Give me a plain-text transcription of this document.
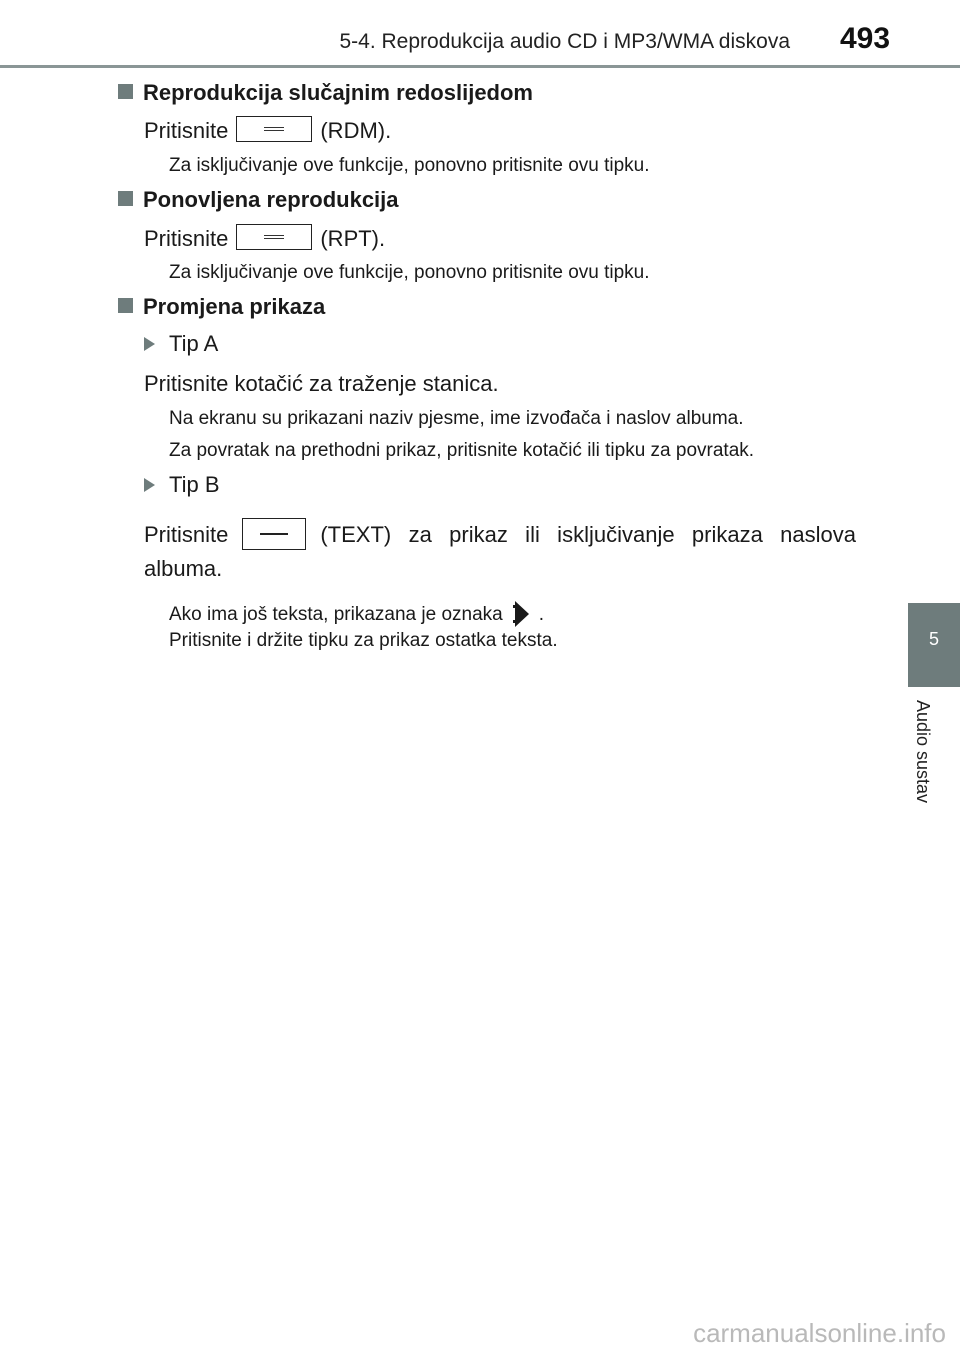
5-4. Reprodukcija audio CD i MP3/WMA diskova 493
5
Audio sustav
Reprodukcija slučajnim redoslijedom
Pritisnite	(RDM).
Za isključivanje ove funkcije, ponovno pritisnite ovu tipku.
Ponovljena reprodukcija
Pritisnite	(RPT).
Za isključivanje ove funkcije, ponovno pritisnite ovu tipku.
Promjena prikaza
Tip A
Pritisnite kotačić za traženje stanica.
Na ekranu su prikazani naziv pjesme, ime izvođača i naslov albuma.
Za povratak na prethodni prikaz, pritisnite kotačić ili tipku za povratak.
Tip B
Pritisnite	(TEXT) za prikaz ili isključivanje prikaza naslova
albuma.
Ako ima još teksta, prikazana je oznaka .
Pritisnite i držite tipku za prikaz ostatka teksta.
carmanualsonline.info
